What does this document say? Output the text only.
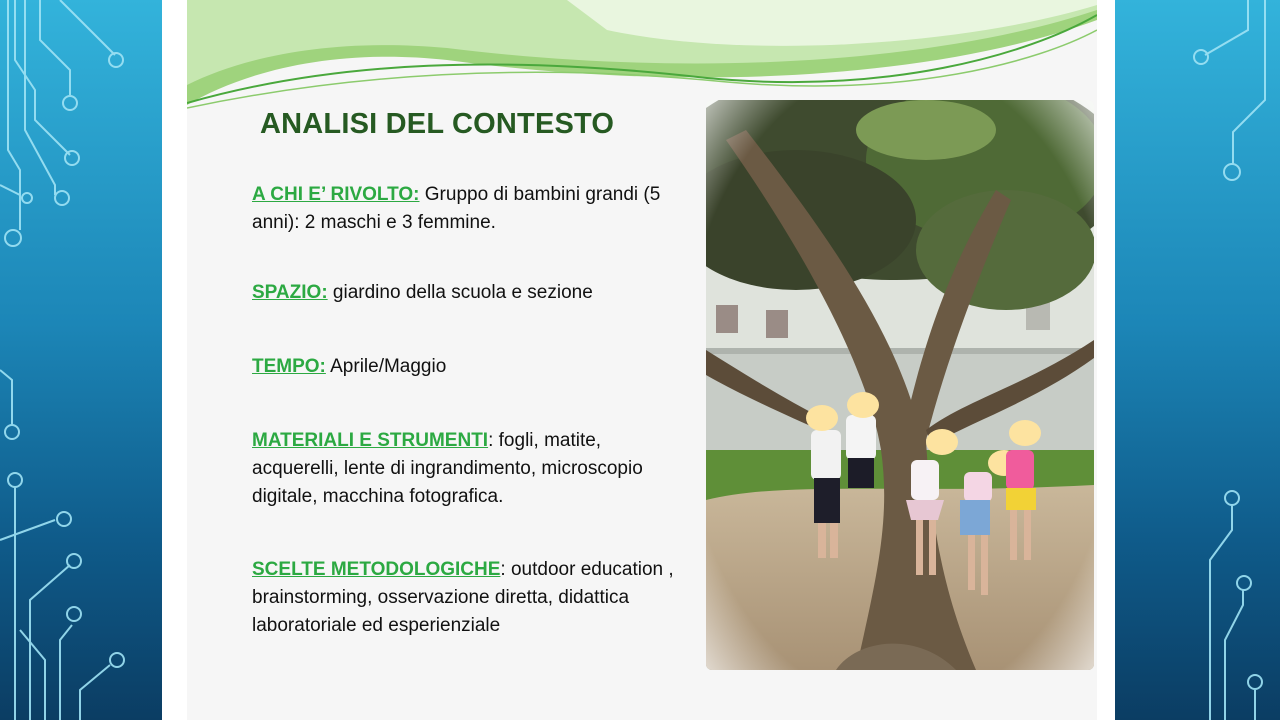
ANALISI DEL CONTESTO
A CHI E’ RIVOLTO: Gruppo di bambini grandi (5 anni): 2 maschi e 3 femmine.
SPAZIO: giardino della scuola e sezione
TEMPO: Aprile/Maggio
MATERIALI E STRUMENTI: fogli, matite, acquerelli, lente di ingrandimento, microscopio digitale, macchina fotografica.
SCELTE METODOLOGICHE: outdoor education , brainstorming, osservazione diretta, didattica laboratoriale ed esperienziale
